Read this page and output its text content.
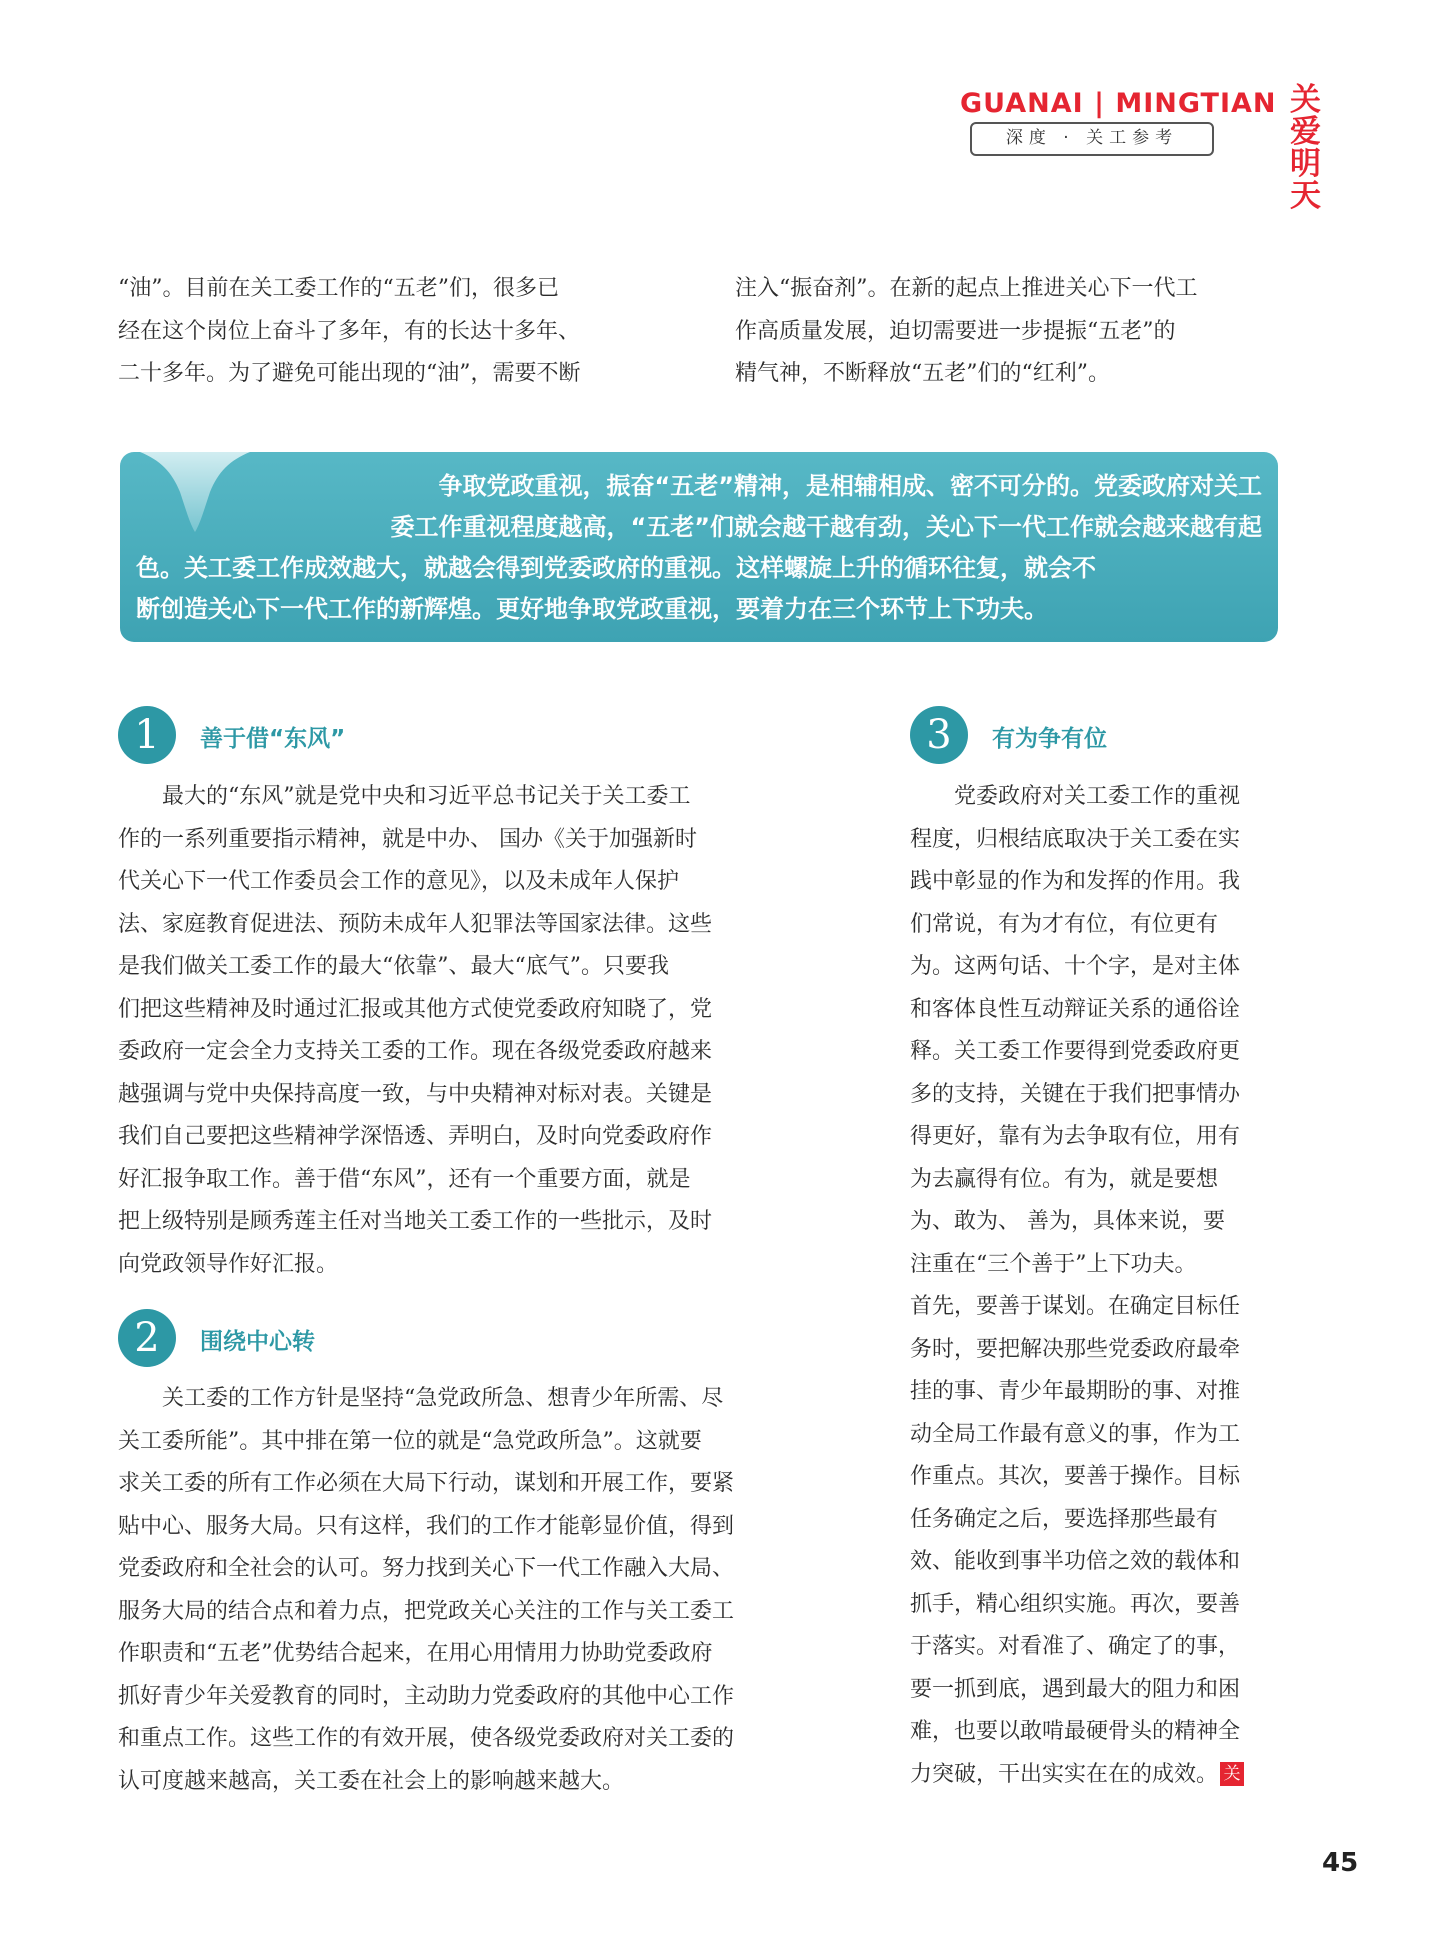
GUANAI | MINGTIAN
深度 · 关工参考
关爱
明天

“油”。目前在关工委工作的“五老”们，很多已

经在这个岗位上奋斗了多年，有的长达十多年、

二十多年。为了避免可能出现的“油”，需要不断

注入“振奋剂”。在新的起点上推进关心下一代工

作高质量发展，迫切需要进一步提振“五老”的

精气神，不断释放“五老”们的“红利”。

争取党政重视，振奋“五老”精神，是相辅相成、密不可分的。党委政府对关工

委工作重视程度越高，“五老”们就会越干越有劲，关心下一代工作就会越来越有起

色。关工委工作成效越大，就越会得到党委政府的重视。这样螺旋上升的循环往复，就会不

断创造关心下一代工作的新辉煌。更好地争取党政重视，要着力在三个环节上下功夫。

1	善于借“东风”

　　最大的“东风”就是党中央和习近平总书记关于关工委工

作的一系列重要指示精神，就是中办、 国办《关于加强新时

代关心下一代工作委员会工作的意见》，以及未成年人保护

法、家庭教育促进法、预防未成年人犯罪法等国家法律。这些

是我们做关工委工作的最大“依靠”、最大“底气”。只要我

们把这些精神及时通过汇报或其他方式使党委政府知晓了，党

委政府一定会全力支持关工委的工作。现在各级党委政府越来

越强调与党中央保持高度一致，与中央精神对标对表。关键是

我们自己要把这些精神学深悟透、弄明白，及时向党委政府作

好汇报争取工作。善于借“东风”，还有一个重要方面，就是

把上级特别是顾秀莲主任对当地关工委工作的一些批示，及时

向党政领导作好汇报。

2	围绕中心转

　　关工委的工作方针是坚持“急党政所急、想青少年所需、尽

关工委所能”。其中排在第一位的就是“急党政所急”。这就要

求关工委的所有工作必须在大局下行动，谋划和开展工作，要紧

贴中心、服务大局。只有这样，我们的工作才能彰显价值，得到

党委政府和全社会的认可。努力找到关心下一代工作融入大局、

服务大局的结合点和着力点，把党政关心关注的工作与关工委工

作职责和“五老”优势结合起来，在用心用情用力协助党委政府

抓好青少年关爱教育的同时，主动助力党委政府的其他中心工作

和重点工作。这些工作的有效开展，使各级党委政府对关工委的

认可度越来越高，关工委在社会上的影响越来越大。

3	有为争有位

　　党委政府对关工委工作的重视

程度，归根结底取决于关工委在实

践中彰显的作为和发挥的作用。我

们常说，有为才有位，有位更有

为。这两句话、十个字，是对主体

和客体良性互动辩证关系的通俗诠

释。关工委工作要得到党委政府更

多的支持，关键在于我们把事情办

得更好，靠有为去争取有位，用有

为去赢得有位。有为，就是要想

为、敢为、 善为，具体来说，要

注重在“三个善于”上下功夫。

首先，要善于谋划。在确定目标任

务时，要把解决那些党委政府最牵

挂的事、青少年最期盼的事、对推

动全局工作最有意义的事，作为工

作重点。其次，要善于操作。目标

任务确定之后，要选择那些最有

效、能收到事半功倍之效的载体和

抓手，精心组织实施。再次，要善

于落实。对看准了、确定了的事，

要一抓到底，遇到最大的阻力和困

难，也要以敢啃最硬骨头的精神全

力突破，干出实实在在的成效。 关

45
